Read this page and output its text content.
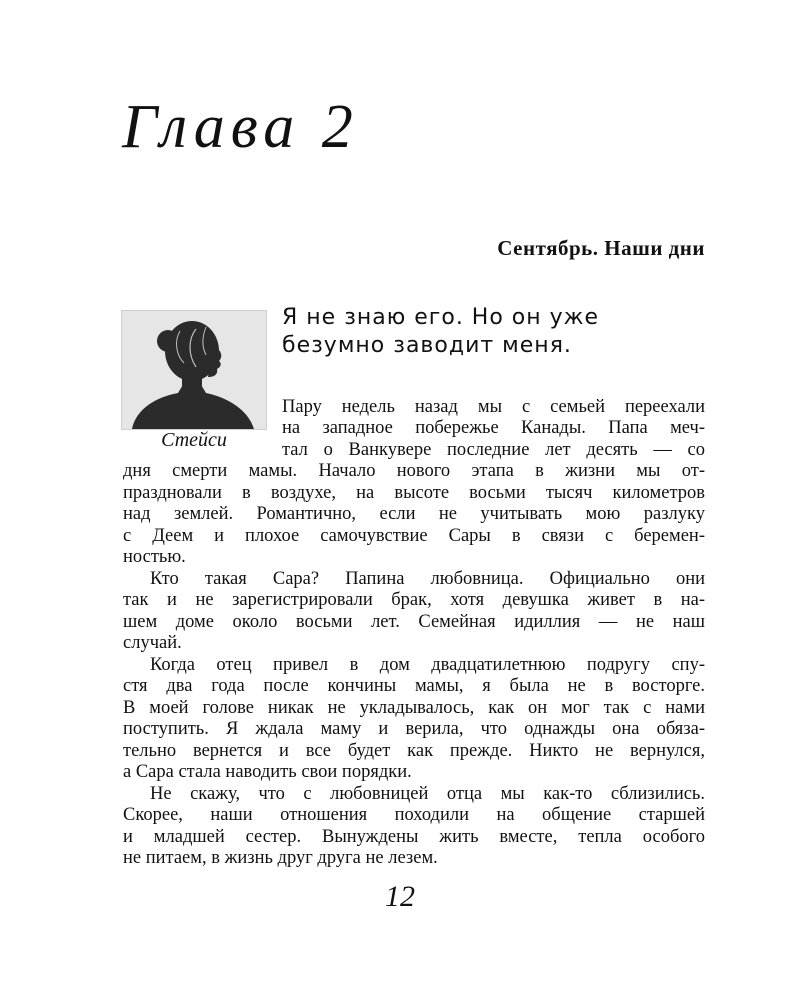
Глава 2
Сентябрь. Наши дни
Стейси

Я не знаю его. Но он уже безумно заводит меня.

Пару недель назад мы с семьей переехали
на западное побережье Канады. Папа меч-
тал о Ванкувере последние лет десять — со
дня смерти мамы. Начало нового этапа в жизни мы от-
праздновали в воздухе, на высоте восьми тысяч километров
над землей. Романтично, если не учитывать мою разлуку
с Деем и плохое самочувствие Сары в связи с беремен-
ностью.
Кто такая Сара? Папина любовница. Официально они
так и не зарегистрировали брак, хотя девушка живет в на-
шем доме около восьми лет. Семейная идиллия — не наш
случай.
Когда отец привел в дом двадцатилетнюю подругу спу-
стя два года после кончины мамы, я была не в восторге.
В моей голове никак не укладывалось, как он мог так с нами
поступить. Я ждала маму и верила, что однажды она обяза-
тельно вернется и все будет как прежде. Никто не вернулся,
а Сара стала наводить свои порядки.
Не скажу, что с любовницей отца мы как-то сблизились.
Скорее, наши отношения походили на общение старшей
и младшей сестер. Вынуждены жить вместе, тепла особого
не питаем, в жизнь друг друга не лезем.
12
